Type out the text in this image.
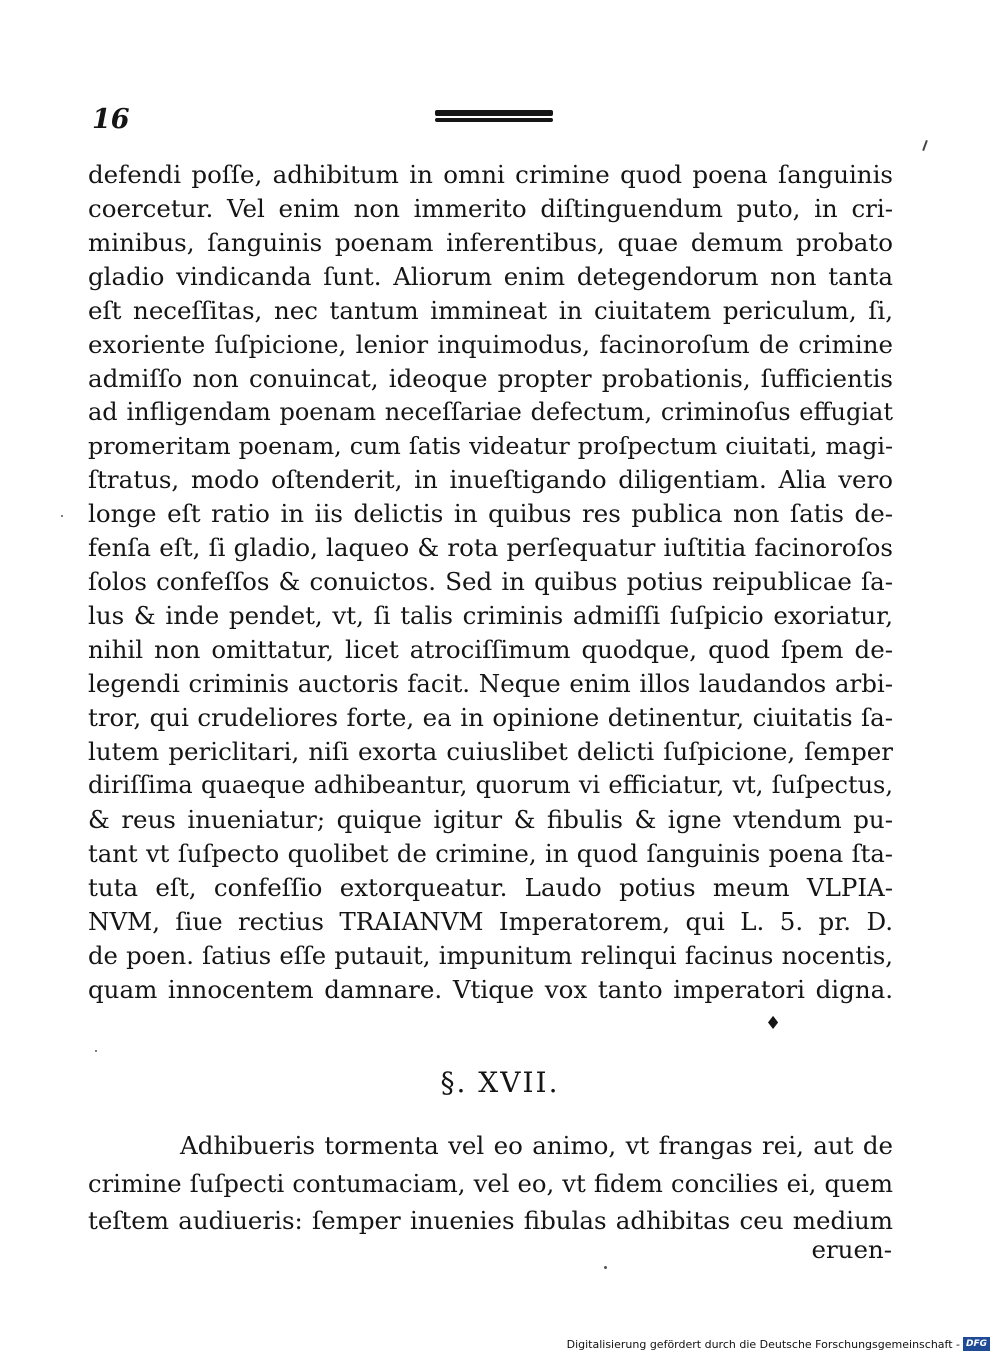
16
defendi poſſe, adhibitum in omni crimine quod poena ſanguinis
coercetur. Vel enim non immerito diſtinguendum puto, in cri-
minibus, ſanguinis poenam inferentibus, quae demum probato
gladio vindicanda ſunt. Aliorum enim detegendorum non tanta
eſt neceſſitas, nec tantum immineat in ciuitatem periculum, ſi,
exoriente ſuſpicione, lenior inquimodus, facinoroſum de crimine
admiſſo non conuincat, ideoque propter probationis, ſufficientis
ad infligendam poenam neceſſariae defectum, criminoſus effugiat
promeritam poenam, cum ſatis videatur proſpectum ciuitati, magi-
ſtratus, modo oſtenderit, in inueſtigando diligentiam. Alia vero
longe eſt ratio in iis delictis in quibus res publica non ſatis de-
fenſa eſt, ſi gladio, laqueo & rota perſequatur iuſtitia facinoroſos
ſolos confeſſos & conuictos. Sed in quibus potius reipublicae ſa-
lus & inde pendet, vt, ſi talis criminis admiſſi ſuſpicio exoriatur,
nihil non omittatur, licet atrociſſimum quodque, quod ſpem de-
legendi criminis auctoris facit. Neque enim illos laudandos arbi-
tror, qui crudeliores forte, ea in opinione detinentur, ciuitatis ſa-
lutem periclitari, niſi exorta cuiuslibet delicti ſuſpicione, ſemper
diriſſima quaeque adhibeantur, quorum vi efficiatur, vt, ſuſpectus,
& reus inueniatur; quique igitur & fibulis & igne vtendum pu-
tant vt ſuſpecto quolibet de crimine, in quod ſanguinis poena ſta-
tuta eſt, confeſſio extorqueatur. Laudo potius meum VLPIA-
NVM, ſiue rectius TRAIANVM Imperatorem, qui L. 5. pr. D.
de poen. ſatius eſſe putauit, impunitum relinqui facinus nocentis,
quam innocentem damnare. Vtique vox tanto imperatori digna.
♦
§. XVII.
Adhibueris tormenta vel eo animo, vt frangas rei, aut de
crimine ſuſpecti contumaciam, vel eo, vt fidem concilies ei, quem
teſtem audiueris: ſemper inuenies fibulas adhibitas ceu medium
eruen-
Digitalisierung gefördert durch die Deutsche Forschungsgemeinschaft - DFG
